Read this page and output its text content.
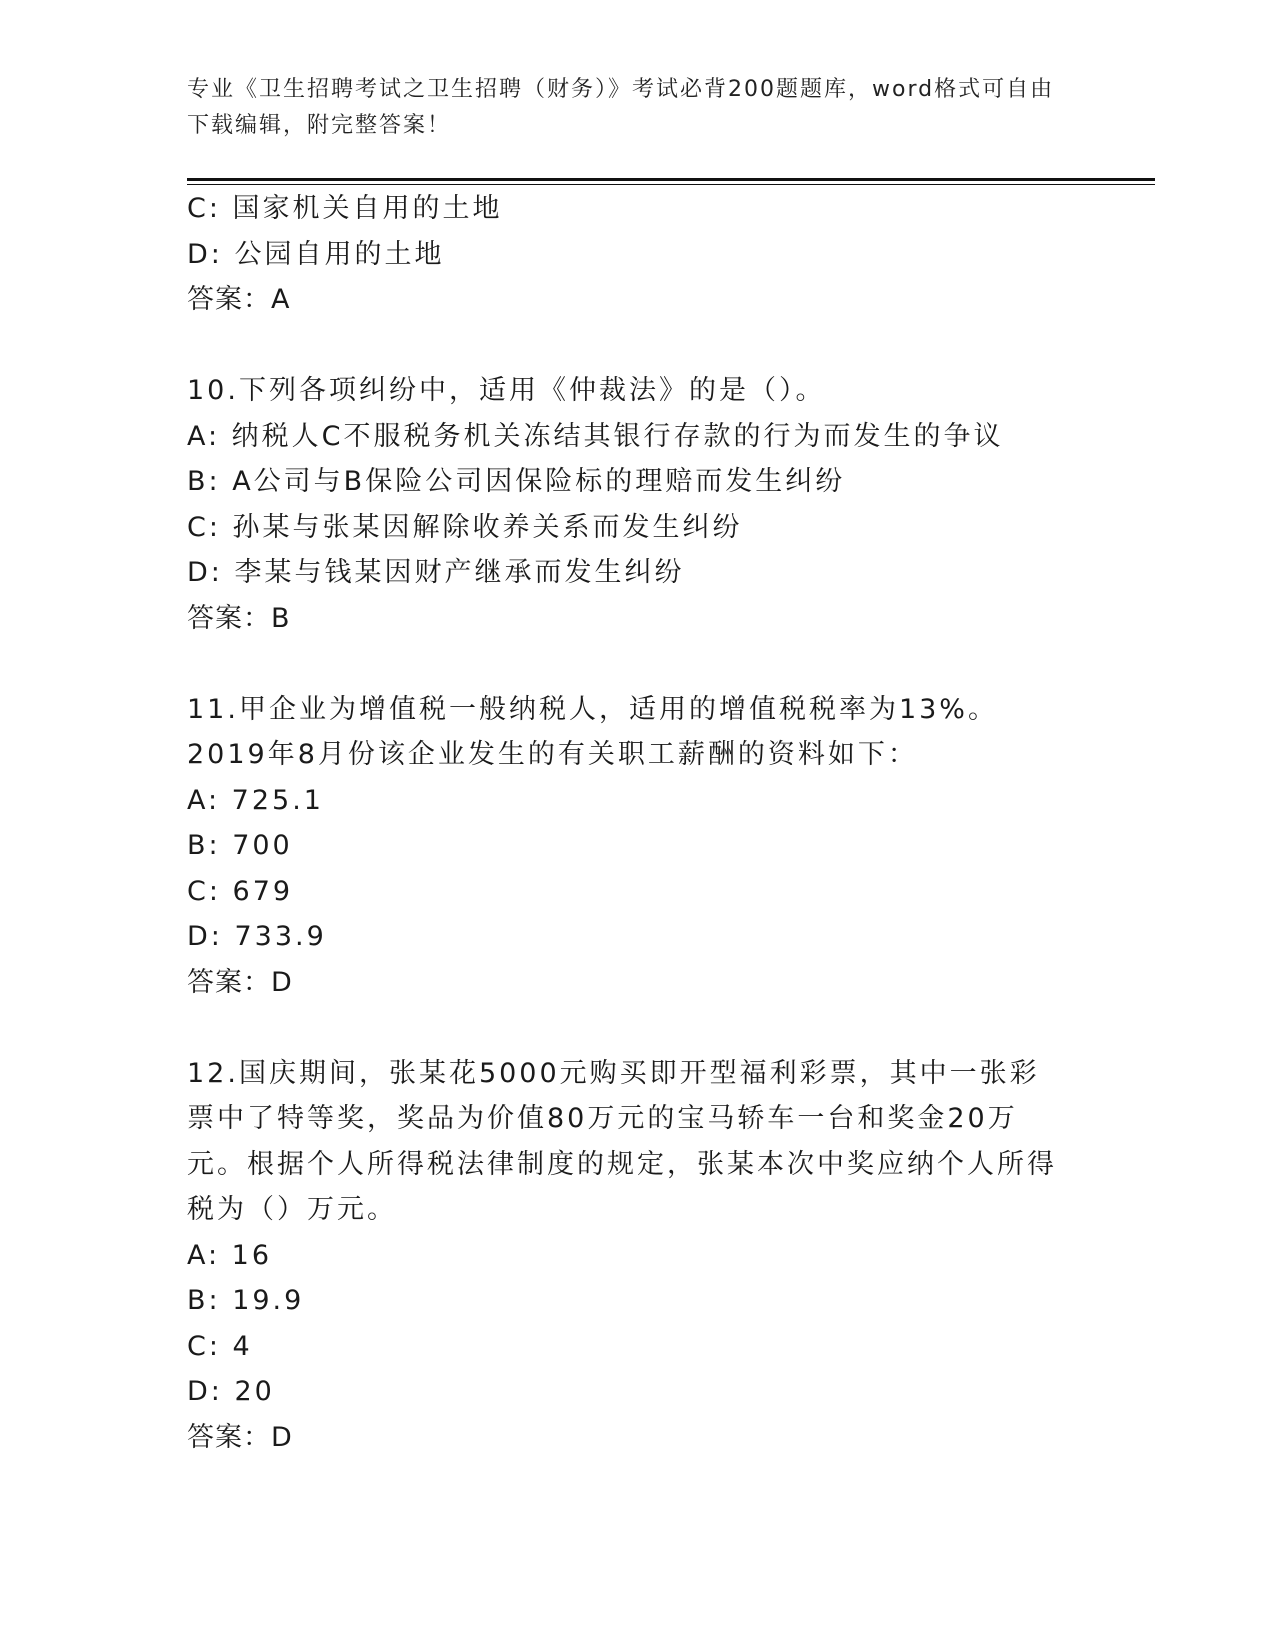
专业《卫生招聘考试之卫生招聘（财务）》考试必背200题题库，word格式可自由下载编辑，附完整答案！
C: 国家机关自用的土地
D: 公园自用的土地
答案：A
10.下列各项纠纷中，适用《仲裁法》的是（）。
A: 纳税人C不服税务机关冻结其银行存款的行为而发生的争议
B: A公司与B保险公司因保险标的理赔而发生纠纷
C: 孙某与张某因解除收养关系而发生纠纷
D: 李某与钱某因财产继承而发生纠纷
答案：B
11.甲企业为增值税一般纳税人，适用的增值税税率为13%。2019年8月份该企业发生的有关职工薪酬的资料如下：
A: 725.1
B: 700
C: 679
D: 733.9
答案：D
12.国庆期间，张某花5000元购买即开型福利彩票，其中一张彩票中了特等奖，奖品为价值80万元的宝马轿车一台和奖金20万元。根据个人所得税法律制度的规定，张某本次中奖应纳个人所得税为（）万元。
A: 16
B: 19.9
C: 4
D: 20
答案：D
